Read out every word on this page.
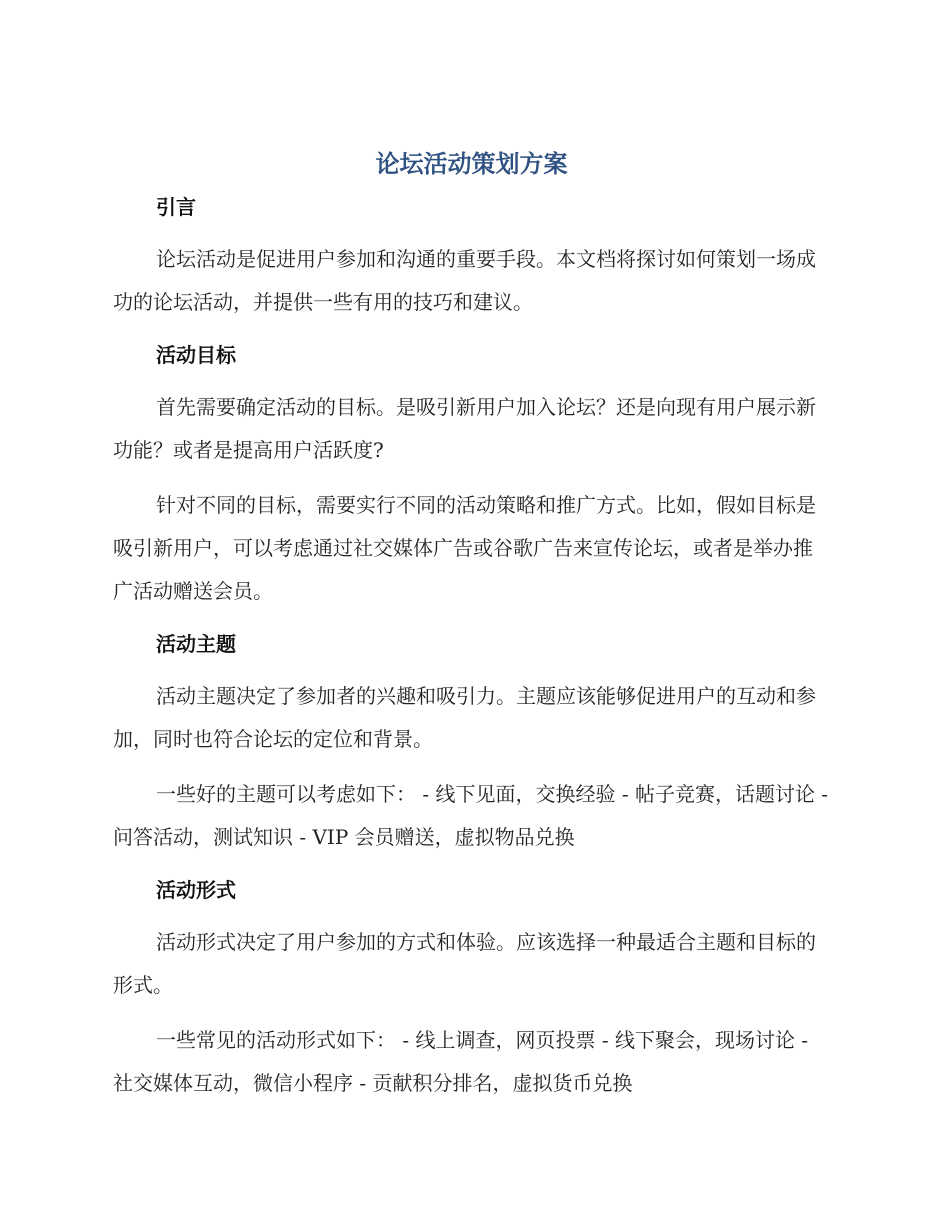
论坛活动策划方案
引言

论坛活动是促进用户参加和沟通的重要手段。本文档将探讨如何策划一场成功的论坛活动，并提供一些有用的技巧和建议。

活动目标

首先需要确定活动的目标。是吸引新用户加入论坛？还是向现有用户展示新功能？或者是提高用户活跃度?

针对不同的目标，需要实行不同的活动策略和推广方式。比如，假如目标是吸引新用户，可以考虑通过社交媒体广告或谷歌广告来宣传论坛，或者是举办推广活动赠送会员。

活动主题

活动主题决定了参加者的兴趣和吸引力。主题应该能够促进用户的互动和参加，同时也符合论坛的定位和背景。

一些好的主题可以考虑如下： - 线下见面，交换经验 - 帖子竞赛，话题讨论 - 问答活动，测试知识 - VIP 会员赠送，虚拟物品兑换

活动形式

活动形式决定了用户参加的方式和体验。应该选择一种最适合主题和目标的形式。

一些常见的活动形式如下： - 线上调查，网页投票 - 线下聚会，现场讨论 - 社交媒体互动，微信小程序 - 贡献积分排名，虚拟货币兑换
